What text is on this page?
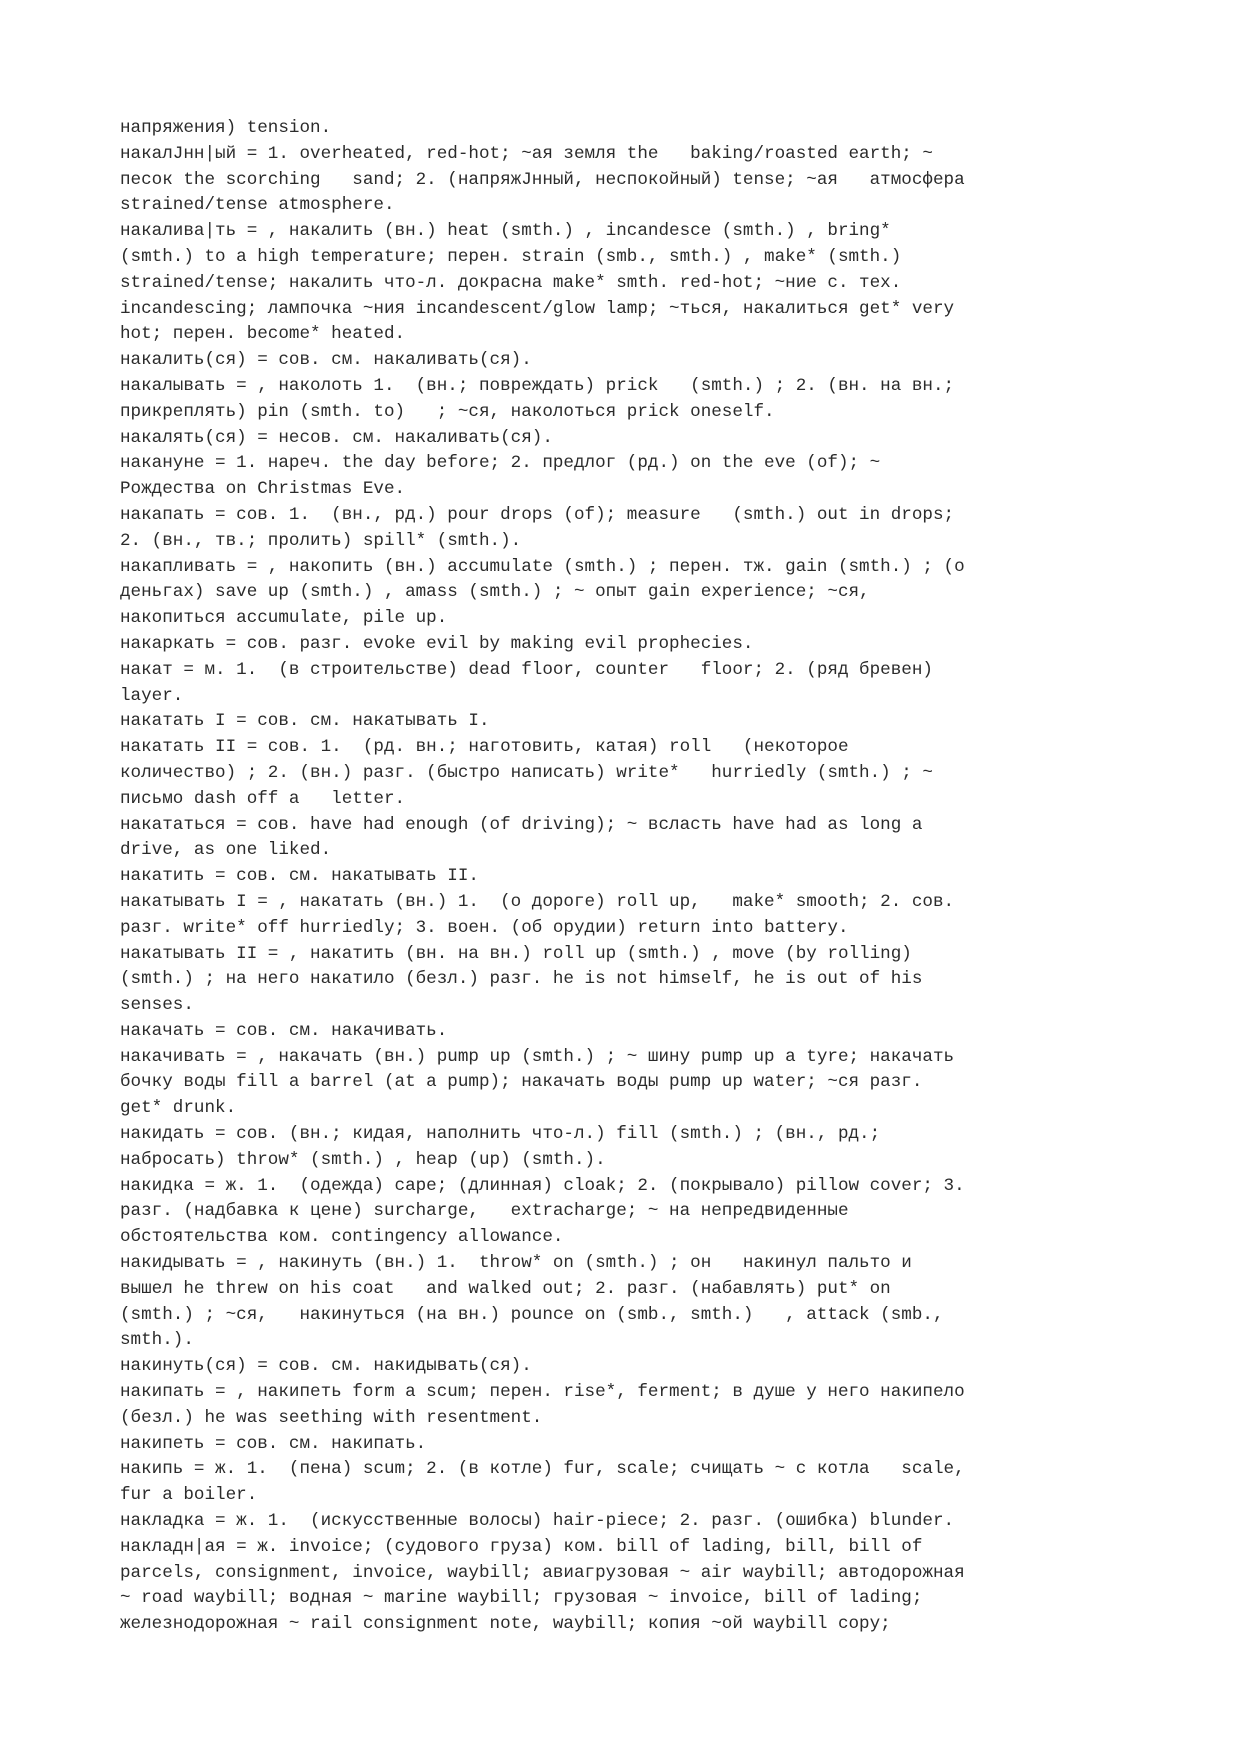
напряжения) tension.
накалJнн|ый = 1. overheated, red-hot; ~ая земля the   baking/roasted earth; ~
песок the scorching   sand; 2. (напряжJнный, неспокойный) tense; ~ая   атмосфера
strained/tense atmosphere.
накалива|ть = , накалить (вн.) heat (smth.) , incandesce (smth.) , bring*
(smth.) to a high temperature; перен. strain (smb., smth.) , make* (smth.)
strained/tense; накалить что-л. докрасна make* smth. red-hot; ~ние с. тех.
incandescing; лампочка ~ния incandescent/glow lamp; ~ться, накалиться get* very
hot; перен. become* heated.
накалить(ся) = сов. см. накаливать(ся).
накалывать = , наколоть 1.  (вн.; повреждать) prick   (smth.) ; 2. (вн. на вн.;
прикреплять) pin (smth. to)   ; ~ся, наколоться prick oneself.
накалять(ся) = несов. см. накаливать(ся).
накануне = 1. нареч. the day before; 2. предлог (рд.) on the eve (of); ~
Рождества on Christmas Eve.
накапать = сов. 1.  (вн., рд.) pour drops (of); measure   (smth.) out in drops;
2. (вн., тв.; пролить) spill* (smth.).
накапливать = , накопить (вн.) accumulate (smth.) ; перен. тж. gain (smth.) ; (о
деньгах) save up (smth.) , amass (smth.) ; ~ опыт gain experience; ~ся,
накопиться accumulate, pile up.
накаркать = сов. разг. evoke evil by making evil prophecies.
накат = м. 1.  (в строительстве) dead floor, counter   floor; 2. (ряд бревен)
layer.
накатать I = сов. см. накатывать I.
накатать II = сов. 1.  (рд. вн.; наготовить, катая) roll   (некоторое
количество) ; 2. (вн.) разг. (быстро написать) write*   hurriedly (smth.) ; ~
письмо dash off a   letter.
накататься = сов. have had enough (of driving); ~ всласть have had as long a
drive, as one liked.
накатить = сов. см. накатывать II.
накатывать I = , накатать (вн.) 1.  (о дороге) roll up,   make* smooth; 2. сов.
разг. write* off hurriedly; 3. воен. (об орудии) return into battery.
накатывать II = , накатить (вн. на вн.) roll up (smth.) , move (by rolling)
(smth.) ; на него накатило (безл.) разг. he is not himself, he is out of his
senses.
накачать = сов. см. накачивать.
накачивать = , накачать (вн.) pump up (smth.) ; ~ шину pump up a tyre; накачать
бочку воды fill a barrel (at a pump); накачать воды pump up water; ~ся разг.
get* drunk.
накидать = сов. (вн.; кидая, наполнить что-л.) fill (smth.) ; (вн., рд.;
набросать) throw* (smth.) , heap (up) (smth.).
накидка = ж. 1.  (одежда) cape; (длинная) cloak; 2. (покрывало) pillow cover; 3.
разг. (надбавка к цене) surcharge,   extracharge; ~ на непредвиденные
обстоятельства ком. contingency allowance.
накидывать = , накинуть (вн.) 1.  throw* on (smth.) ; он   накинул пальто и
вышел he threw on his coat   and walked out; 2. разг. (набавлять) put* on
(smth.) ; ~ся,   накинуться (на вн.) pounce on (smb., smth.)   , attack (smb.,
smth.).
накинуть(ся) = сов. см. накидывать(ся).
накипать = , накипеть form a scum; перен. rise*, ferment; в душе у него накипело
(безл.) he was seething with resentment.
накипеть = сов. см. накипать.
накипь = ж. 1.  (пена) scum; 2. (в котле) fur, scale; счищать ~ с котла   scale,
fur a boiler.
накладка = ж. 1.  (искусственные волосы) hair-piece; 2. разг. (ошибка) blunder.
накладн|ая = ж. invoice; (судового груза) ком. bill of lading, bill, bill of
parcels, consignment, invoice, waybill; авиагрузовая ~ air waybill; автодорожная
~ road waybill; водная ~ marine waybill; грузовая ~ invoice, bill of lading;
железнодорожная ~ rail consignment note, waybill; копия ~ой waybill copy;
